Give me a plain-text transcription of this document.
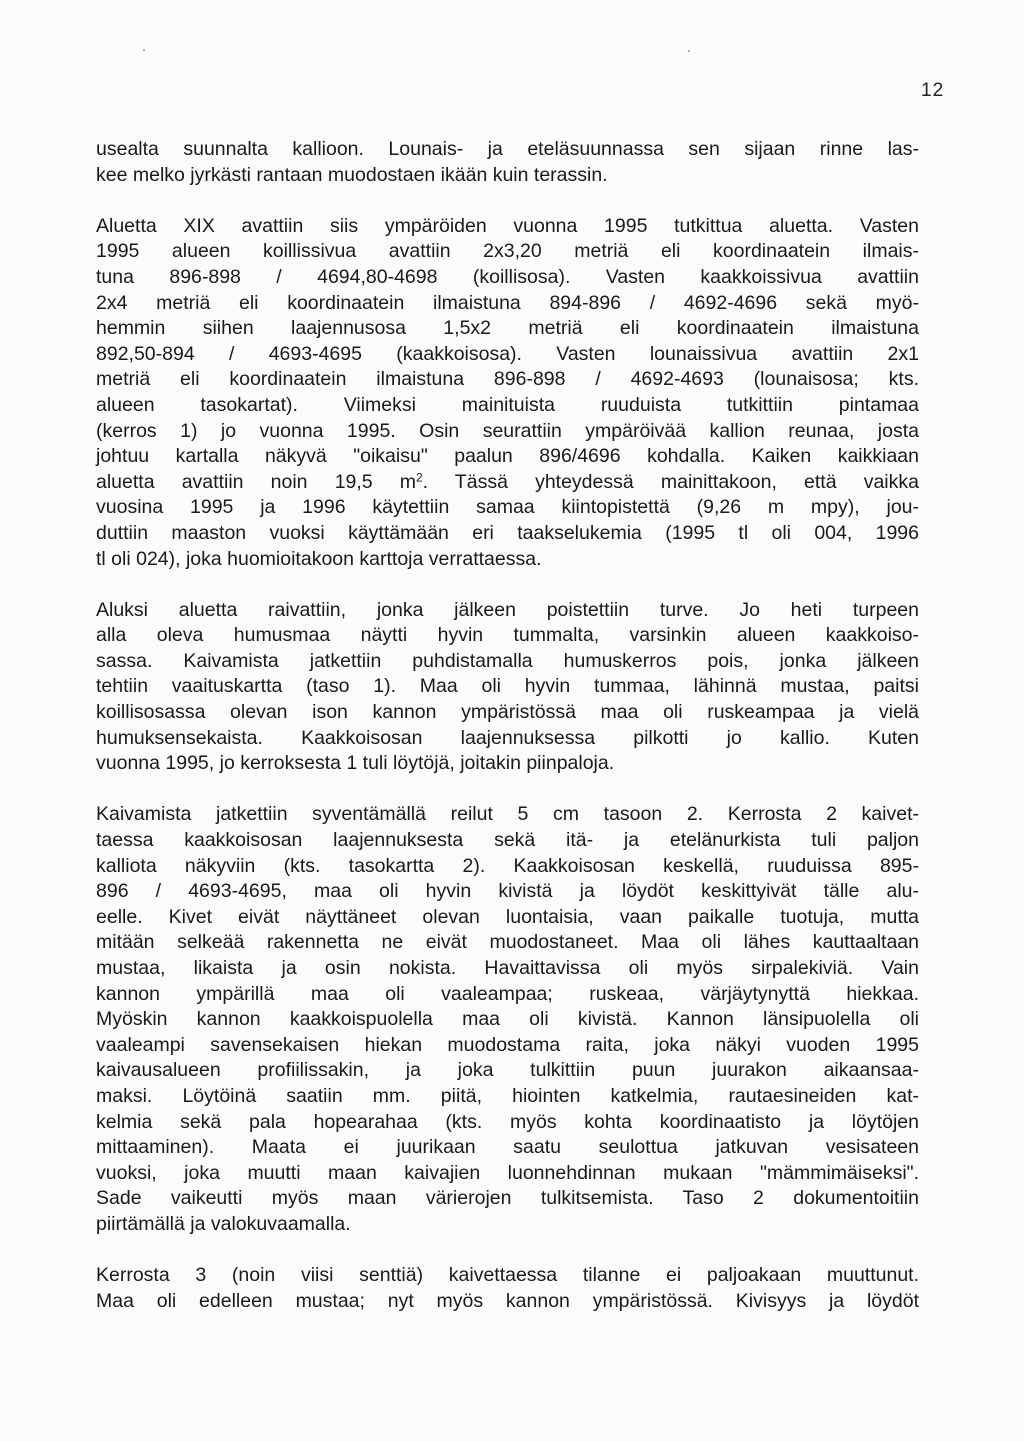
12

usealta suunnalta kallioon. Lounais- ja eteläsuunnassa sen sijaan rinne las-
kee melko jyrkästi rantaan muodostaen ikään kuin terassin.

Aluetta XIX avattiin siis ympäröiden vuonna 1995 tutkittua aluetta. Vasten
1995 alueen koillissivua avattiin 2x3,20 metriä eli koordinaatein ilmais-
tuna 896-898 / 4694,80-4698 (koillisosa). Vasten kaakkoissivua avattiin
2x4 metriä eli koordinaatein ilmaistuna 894-896 / 4692-4696 sekä myö-
hemmin siihen laajennusosa 1,5x2 metriä eli koordinaatein ilmaistuna
892,50-894 / 4693-4695 (kaakkoisosa). Vasten lounaissivua avattiin 2x1
metriä eli koordinaatein ilmaistuna 896-898 / 4692-4693 (lounaisosa; kts.
alueen tasokartat). Viimeksi mainituista ruuduista tutkittiin pintamaa
(kerros 1) jo vuonna 1995. Osin seurattiin ympäröivää kallion reunaa, josta
johtuu kartalla näkyvä "oikaisu" paalun 896/4696 kohdalla. Kaiken kaikkiaan
aluetta avattiin noin 19,5 $m^2$. Tässä yhteydessä mainittakoon, että vaikka
vuosina 1995 ja 1996 käytettiin samaa kiintopistettä (9,26 m mpy), jou-
duttiin maaston vuoksi käyttämään eri taakselukemia (1995 tl oli 004, 1996
tl oli 024), joka huomioitakoon karttoja verrattaessa.

Aluksi aluetta raivattiin, jonka jälkeen poistettiin turve. Jo heti turpeen
alla oleva humusmaa näytti hyvin tummalta, varsinkin alueen kaakkoiso-
sassa. Kaivamista jatkettiin puhdistamalla humuskerros pois, jonka jälkeen
tehtiin vaaituskartta (taso 1). Maa oli hyvin tummaa, lähinnä mustaa, paitsi
koillisosassa olevan ison kannon ympäristössä maa oli ruskeampaa ja vielä
humuksensekaista. Kaakkoisosan laajennuksessa pilkotti jo kallio. Kuten
vuonna 1995, jo kerroksesta 1 tuli löytöjä, joitakin piinpaloja.

Kaivamista jatkettiin syventämällä reilut 5 cm tasoon 2. Kerrosta 2 kaivet-
taessa kaakkoisosan laajennuksesta sekä itä- ja etelänurkista tuli paljon
kalliota näkyviin (kts. tasokartta 2). Kaakkoisosan keskellä, ruuduissa 895-
896 / 4693-4695, maa oli hyvin kivistä ja löydöt keskittyivät tälle alu-
eelle. Kivet eivät näyttäneet olevan luontaisia, vaan paikalle tuotuja, mutta
mitään selkeää rakennetta ne eivät muodostaneet. Maa oli lähes kauttaaltaan
mustaa, likaista ja osin nokista. Havaittavissa oli myös sirpalekiviä. Vain
kannon ympärillä maa oli vaaleampaa; ruskeaa, värjäytynyttä hiekkaa.
Myöskin kannon kaakkoispuolella maa oli kivistä. Kannon länsipuolella oli
vaaleampi savensekaisen hiekan muodostama raita, joka näkyi vuoden 1995
kaivausalueen profiilissakin, ja joka tulkittiin puun juurakon aikaansaa-
maksi. Löytöinä saatiin mm. piitä, hiointen katkelmia, rautaesineiden kat-
kelmia sekä pala hopearahaa (kts. myös kohta koordinaatisto ja löytöjen
mittaaminen). Maata ei juurikaan saatu seulottua jatkuvan vesisateen
vuoksi, joka muutti maan kaivajien luonnehdinnan mukaan "mämmimäiseksi".
Sade vaikeutti myös maan värierojen tulkitsemista. Taso 2 dokumentoitiin
piirtämällä ja valokuvaamalla.

Kerrosta 3 (noin viisi senttiä) kaivettaessa tilanne ei paljoakaan muuttunut.
Maa oli edelleen mustaa; nyt myös kannon ympäristössä. Kivisyys ja löydöt
